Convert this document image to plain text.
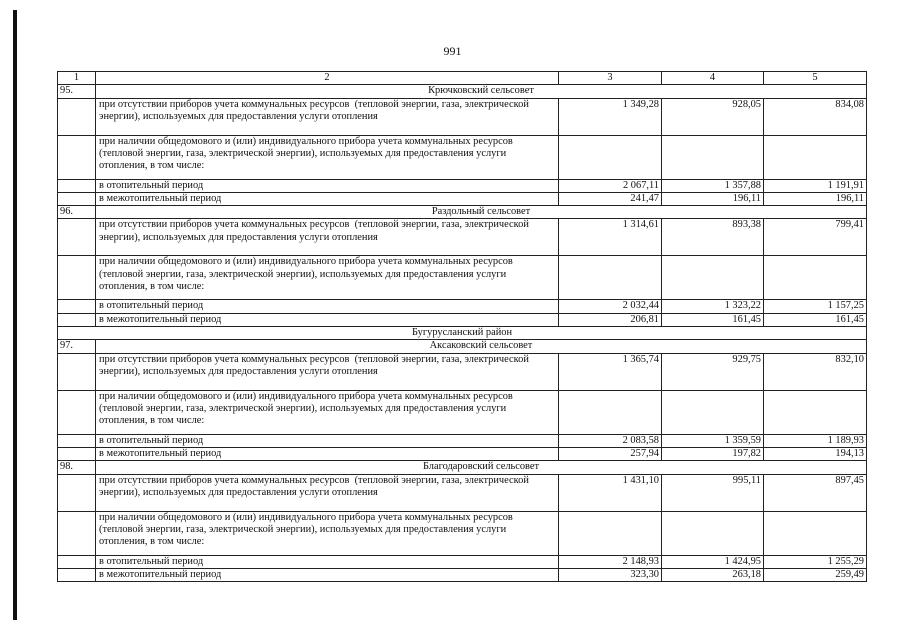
991
1	2	3	4	5
95.	Крючковский сельсовет			
	при отсутствии приборов учета коммунальных ресурсов  (тепловой энергии, газа, электрической энергии), используемых для предоставления услуги отопления	1 349,28	928,05	834,08
	при наличии общедомового и (или) индивидуального прибора учета коммунальных ресурсов (тепловой энергии, газа, электрической энергии), используемых для предоставления услуги отопления, в том числе:			
	в отопительный период	2 067,11	1 357,88	1 191,91
	в межотопительный период	241,47	196,11	196,11
96.	Раздольный сельсовет			
	при отсутствии приборов учета коммунальных ресурсов  (тепловой энергии, газа, электрической энергии), используемых для предоставления услуги отопления	1 314,61	893,38	799,41
	при наличии общедомового и (или) индивидуального прибора учета коммунальных ресурсов (тепловой энергии, газа, электрической энергии), используемых для предоставления услуги отопления, в том числе:			
	в отопительный период	2 032,44	1 323,22	1 157,25
	в межотопительный период	206,81	161,45	161,45
Бугурусланский район				
97.	Аксаковский сельсовет			
	при отсутствии приборов учета коммунальных ресурсов  (тепловой энергии, газа, электрической энергии), используемых для предоставления услуги отопления	1 365,74	929,75	832,10
	при наличии общедомового и (или) индивидуального прибора учета коммунальных ресурсов (тепловой энергии, газа, электрической энергии), используемых для предоставления услуги отопления, в том числе:			
	в отопительный период	2 083,58	1 359,59	1 189,93
	в межотопительный период	257,94	197,82	194,13
98.	Благодаровский сельсовет			
	при отсутствии приборов учета коммунальных ресурсов  (тепловой энергии, газа, электрической энергии), используемых для предоставления услуги отопления	1 431,10	995,11	897,45
	при наличии общедомового и (или) индивидуального прибора учета коммунальных ресурсов (тепловой энергии, газа, электрической энергии), используемых для предоставления услуги отопления, в том числе:			
	в отопительный период	2 148,93	1 424,95	1 255,29
	в межотопительный период	323,30	263,18	259,49
